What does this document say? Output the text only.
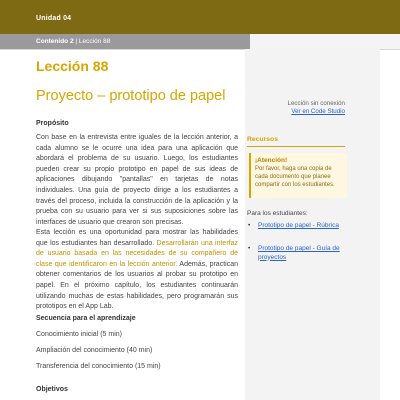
Unidad 04
Contenido 2 | Lección 88
Lección 88
Proyecto – prototipo de papel
Propósito

Con base en la entrevista entre iguales de la lección anterior, a cada alumno se le ocurre una idea para una aplicación que abordará el problema de su usuario. Luego, los estudiantes pueden crear su propio prototipo en papel de sus ideas de aplicaciones dibujando "pantallas" en tarjetas de notas individuales. Una guía de proyecto dirige a los estudiantes a través del proceso, incluida la construcción de la aplicación y la prueba con su usuario para ver si sus suposiciones sobre las interfaces de usuario que crearon son precisas.

Esta lección es una oportunidad para mostrar las habilidades que los estudiantes han desarrollado. Desarrollarán una interfaz de usuario basada en las necesidades de su compañero de clase que identificaron en la lección anterior. Además, practican obtener comentarios de los usuarios al probar su prototipo en papel. En el próximo capítulo, los estudiantes continuarán utilizando muchas de estas habilidades, pero programarán sus prototipos en el App Lab.

Secuencia para el aprendizaje
Conocimiento inicial (5 min)
Ampliación del conocimiento (40 min)
Transferencia del conocimiento (15 min)
Objetivos
Lección sin conexión
Ver en Code Studio
Recursos
¡Atención!

Por favor, haga una copia de cada documento que planee compartir con los estudiantes.

Para los estudiantes:
• Prototipo de papel - Rúbrica

• Prototipo de papel - Guía de proyectos
